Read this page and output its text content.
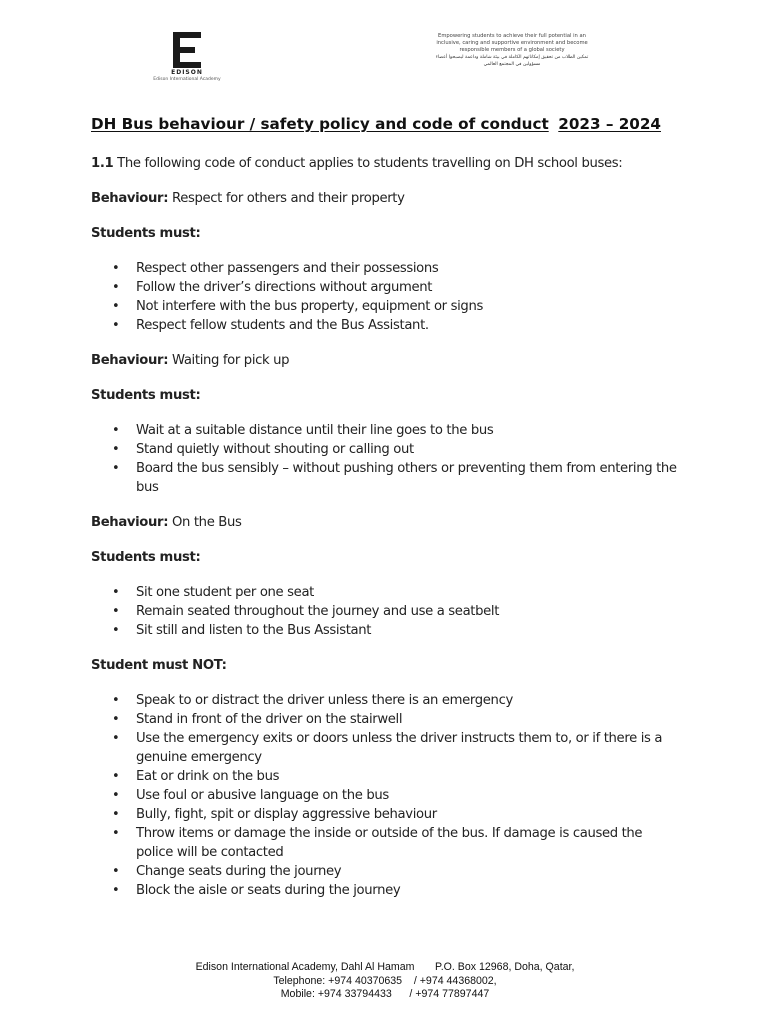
EDISON
Edison International Academy
Empowering students to achieve their full potential in an inclusive, caring and supportive environment and become responsible members of a global society
تمكين الطلاب من تحقيق إمكاناتهم الكاملة في بيئة شاملة وداعمة ليصبحوا أعضاء مسؤولين في المجتمع العالمي
DH Bus behaviour / safety policy and code of conduct 2023 – 2024

1.1 The following code of conduct applies to students travelling on DH school buses:

Behaviour: Respect for others and their property

Students must:

• Respect other passengers and their possessions
• Follow the driver’s directions without argument
• Not interfere with the bus property, equipment or signs
• Respect fellow students and the Bus Assistant.

Behaviour: Waiting for pick up

Students must:

• Wait at a suitable distance until their line goes to the bus
• Stand quietly without shouting or calling out
• Board the bus sensibly – without pushing others or preventing them from entering the bus

Behaviour: On the Bus

Students must:

• Sit one student per one seat
• Remain seated throughout the journey and use a seatbelt
• Sit still and listen to the Bus Assistant

Student must NOT:

• Speak to or distract the driver unless there is an emergency
• Stand in front of the driver on the stairwell
• Use the emergency exits or doors unless the driver instructs them to, or if there is a genuine emergency
• Eat or drink on the bus
• Use foul or abusive language on the bus
• Bully, fight, spit or display aggressive behaviour
• Throw items or damage the inside or outside of the bus. If damage is caused the police will be contacted
• Change seats during the journey
• Block the aisle or seats during the journey
Edison International Academy, Dahl Al Hamam       P.O. Box 12968, Doha, Qatar,
Telephone: +974 40370635    / +974 44368002,
Mobile: +974 33794433      / +974 77897447
